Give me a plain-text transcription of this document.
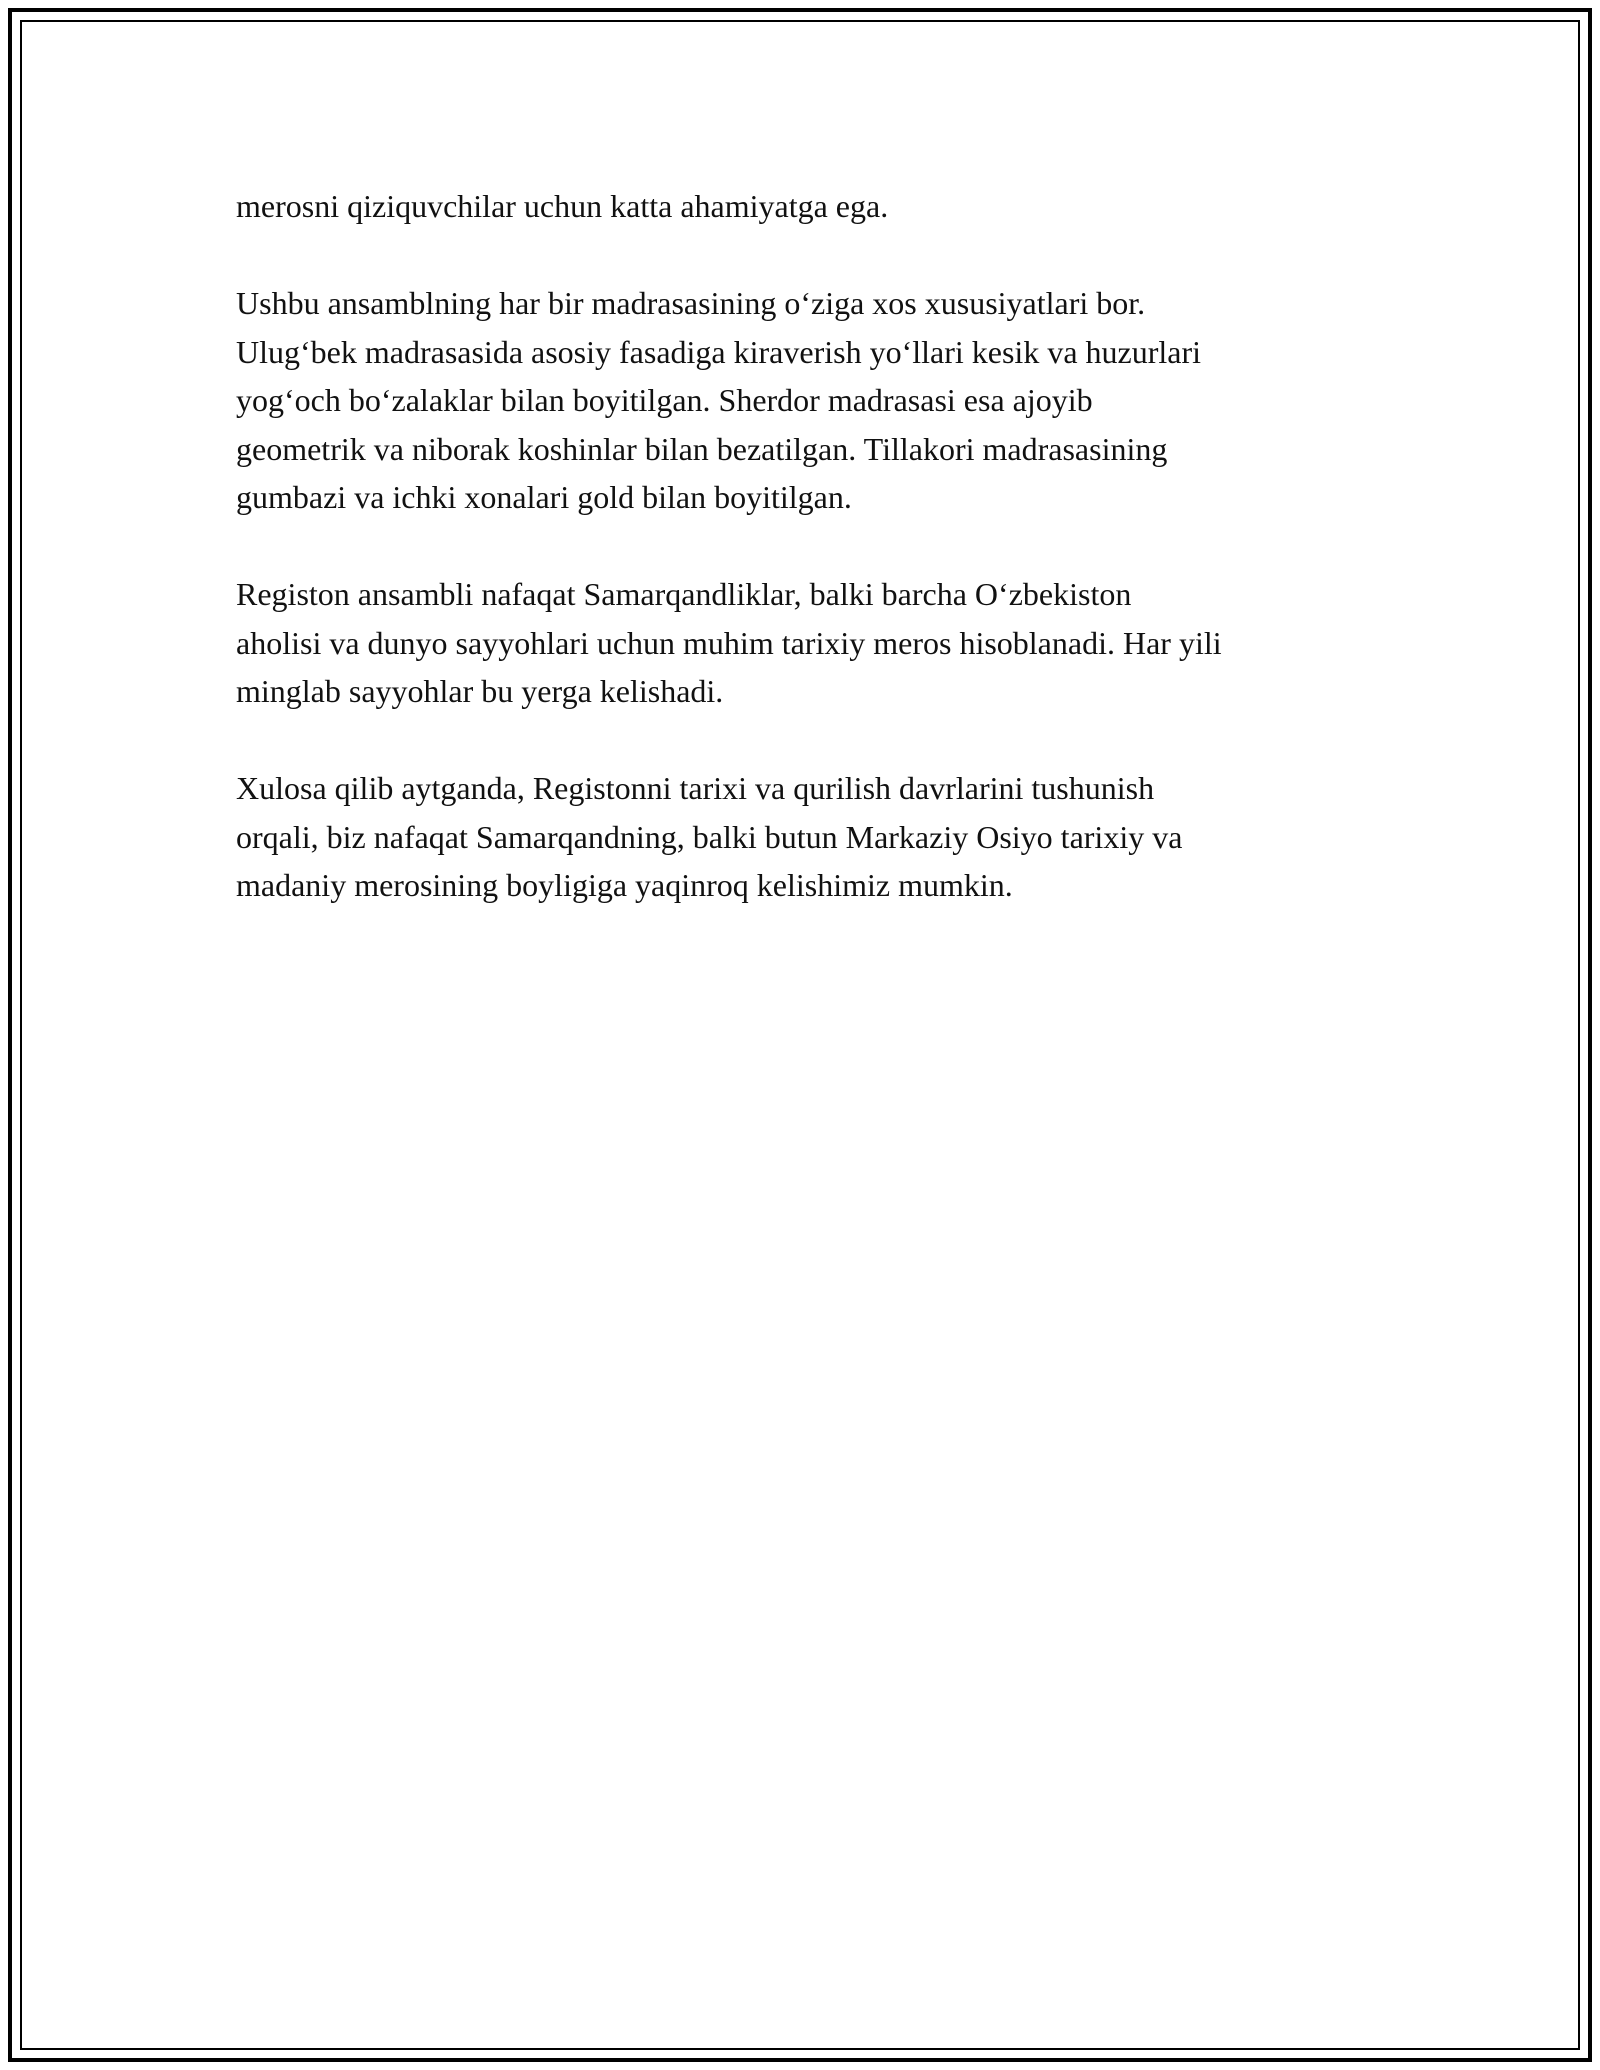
merosni qiziquvchilar uchun katta ahamiyatga ega.

Ushbu ansamblning har bir madrasasining o‘ziga xos xususiyatlari bor.
Ulug‘bek madrasasida asosiy fasadiga kiraverish yo‘llari kesik va huzurlari
yog‘och bo‘zalaklar bilan boyitilgan. Sherdor madrasasi esa ajoyib
geometrik va niborak koshinlar bilan bezatilgan. Tillakori madrasasining
gumbazi va ichki xonalari gold bilan boyitilgan.

Registon ansambli nafaqat Samarqandliklar, balki barcha O‘zbekiston
aholisi va dunyo sayyohlari uchun muhim tarixiy meros hisoblanadi. Har yili
minglab sayyohlar bu yerga kelishadi.

Xulosa qilib aytganda, Registonni tarixi va qurilish davrlarini tushunish
orqali, biz nafaqat Samarqandning, balki butun Markaziy Osiyo tarixiy va
madaniy merosining boyligiga yaqinroq kelishimiz mumkin.
